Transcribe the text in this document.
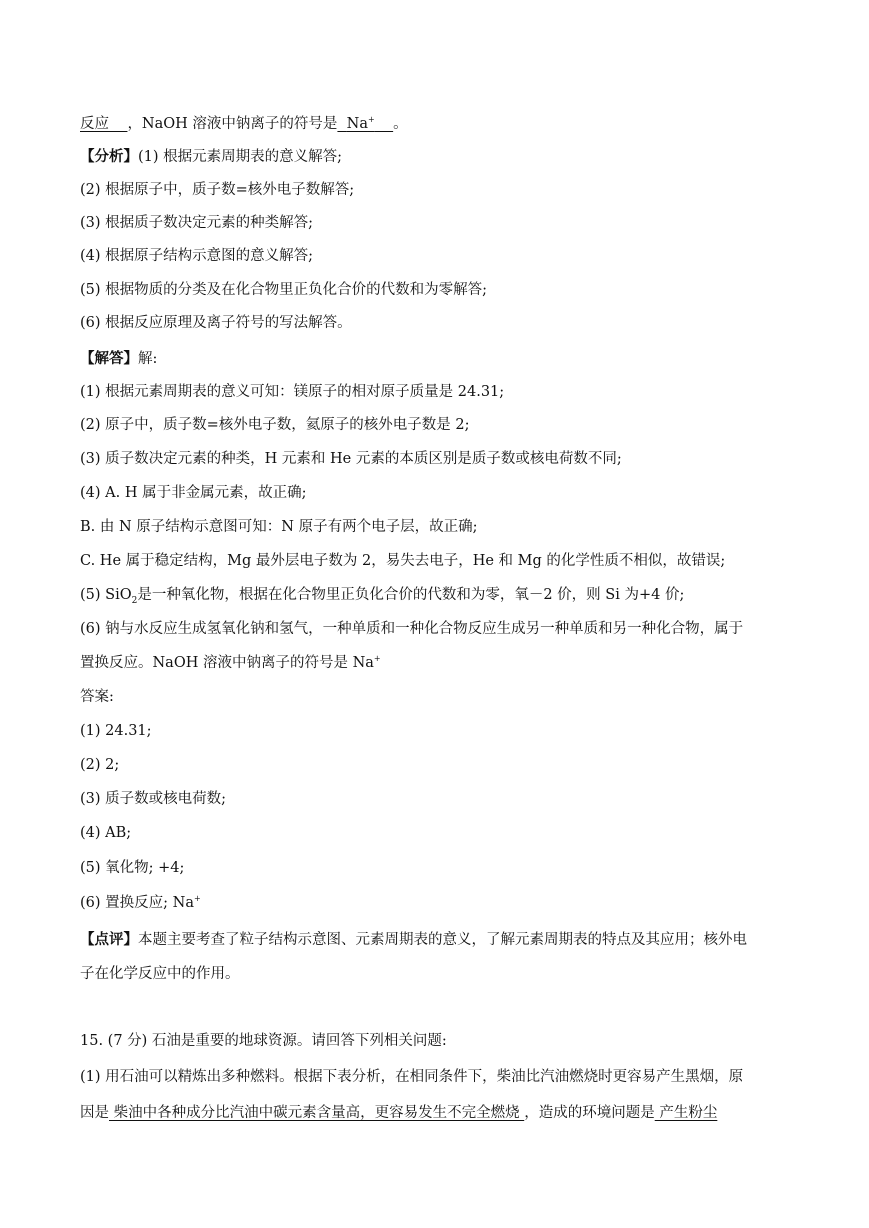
反应 ，NaOH 溶液中钠离子的符号是 Na+ 。
【分析】(1) 根据元素周期表的意义解答;
(2) 根据原子中，质子数=核外电子数解答;
(3) 根据质子数决定元素的种类解答;
(4) 根据原子结构示意图的意义解答;
(5) 根据物质的分类及在化合物里正负化合价的代数和为零解答;
(6) 根据反应原理及离子符号的写法解答。
【解答】解:
(1) 根据元素周期表的意义可知：镁原子的相对原子质量是 24.31;
(2) 原子中，质子数=核外电子数，氦原子的核外电子数是 2;
(3) 质子数决定元素的种类，H 元素和 He 元素的本质区别是质子数或核电荷数不同;
(4) A. H 属于非金属元素，故正确;
B. 由 N 原子结构示意图可知：N 原子有两个电子层，故正确;
C. He 属于稳定结构，Mg 最外层电子数为 2，易失去电子，He 和 Mg 的化学性质不相似，故错误;
(5) SiO$_2$是一种氧化物，根据在化合物里正负化合价的代数和为零，氧－2 价，则 Si 为+4 价;
(6) 钠与水反应生成氢氧化钠和氢气，一种单质和一种化合物反应生成另一种单质和另一种化合物，属于
置换反应。NaOH 溶液中钠离子的符号是 Na+
答案:
(1) 24.31;
(2) 2;
(3) 质子数或核电荷数;
(4) AB;
(5) 氧化物; +4;
(6) 置换反应; Na+
【点评】本题主要考查了粒子结构示意图、元素周期表的意义，了解元素周期表的特点及其应用；核外电
子在化学反应中的作用。
15. (7 分) 石油是重要的地球资源。请回答下列相关问题:
(1) 用石油可以精炼出多种燃料。根据下表分析，在相同条件下，柴油比汽油燃烧时更容易产生黑烟，原
因是 柴油中各种成分比汽油中碳元素含量高，更容易发生不完全燃烧 ，造成的环境问题是 产生粉尘
